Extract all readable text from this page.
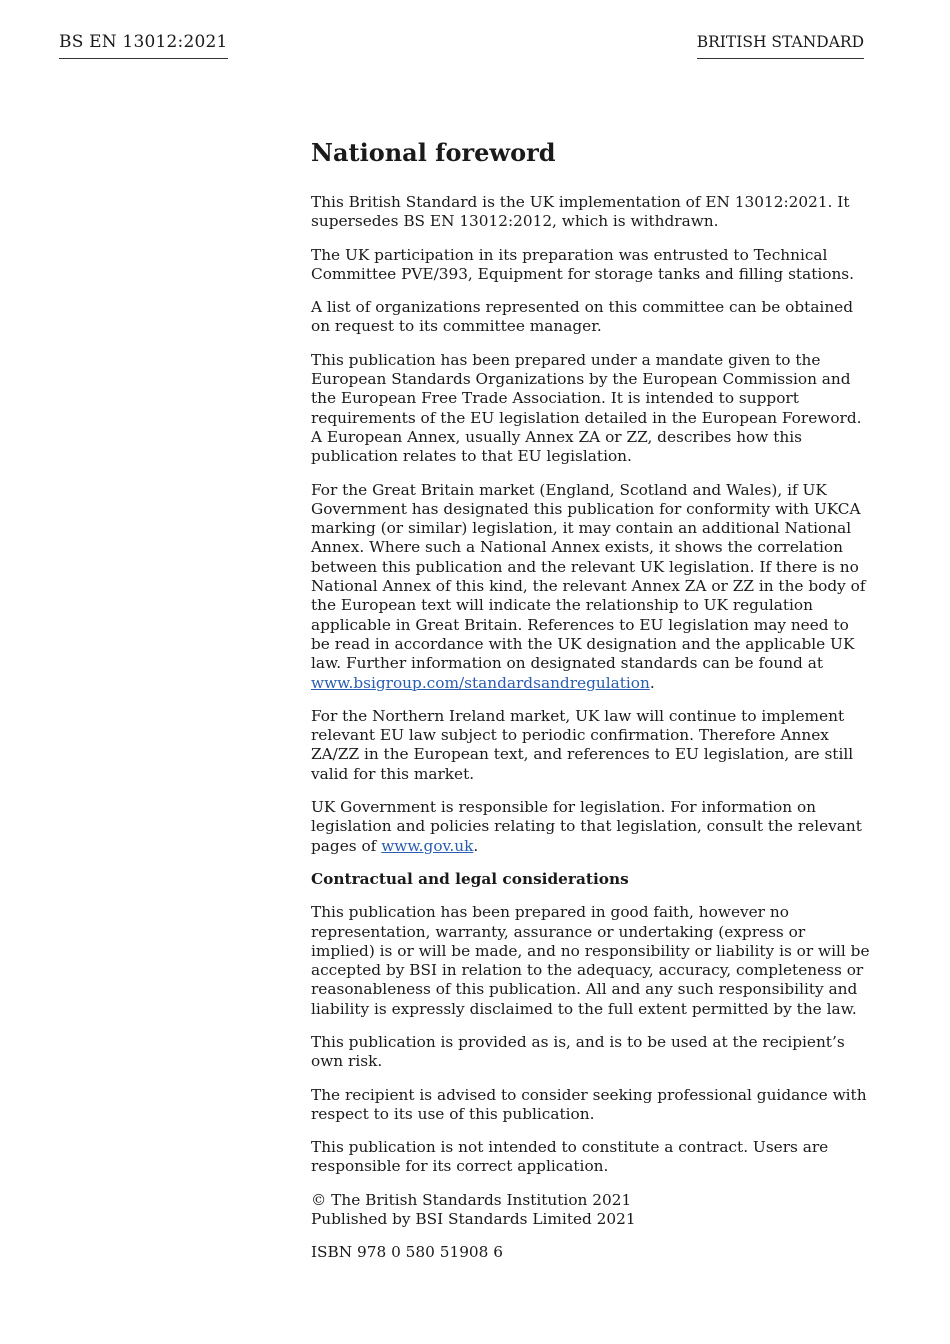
BS EN 13012:2021	BRITISH STANDARD
National foreword

This British Standard is the UK implementation of EN 13012:2021. It supersedes BS EN 13012:2012, which is withdrawn.

The UK participation in its preparation was entrusted to Technical Committee PVE/393, Equipment for storage tanks and filling stations.

A list of organizations represented on this committee can be obtained on request to its committee manager.

This publication has been prepared under a mandate given to the European Standards Organizations by the European Commission and the European Free Trade Association. It is intended to support requirements of the EU legislation detailed in the European Foreword. A European Annex, usually Annex ZA or ZZ, describes how this publication relates to that EU legislation.

For the Great Britain market (England, Scotland and Wales), if UK Government has designated this publication for conformity with UKCA marking (or similar) legislation, it may contain an additional National Annex. Where such a National Annex exists, it shows the correlation between this publication and the relevant UK legislation. If there is no National Annex of this kind, the relevant Annex ZA or ZZ in the body of the European text will indicate the relationship to UK regulation applicable in Great Britain. References to EU legislation may need to be read in accordance with the UK designation and the applicable UK law. Further information on designated standards can be found at www.bsigroup.com/standardsandregulation.

For the Northern Ireland market, UK law will continue to implement relevant EU law subject to periodic confirmation. Therefore Annex ZA/ZZ in the European text, and references to EU legislation, are still valid for this market.

UK Government is responsible for legislation. For information on legislation and policies relating to that legislation, consult the relevant pages of www.gov.uk.

Contractual and legal considerations

This publication has been prepared in good faith, however no representation, warranty, assurance or undertaking (express or implied) is or will be made, and no responsibility or liability is or will be accepted by BSI in relation to the adequacy, accuracy, completeness or reasonableness of this publication. All and any such responsibility and liability is expressly disclaimed to the full extent permitted by the law.

This publication is provided as is, and is to be used at the recipient’s own risk.

The recipient is advised to consider seeking professional guidance with respect to its use of this publication.

This publication is not intended to constitute a contract. Users are responsible for its correct application.

© The British Standards Institution 2021
Published by BSI Standards Limited 2021

ISBN 978 0 580 51908 6
